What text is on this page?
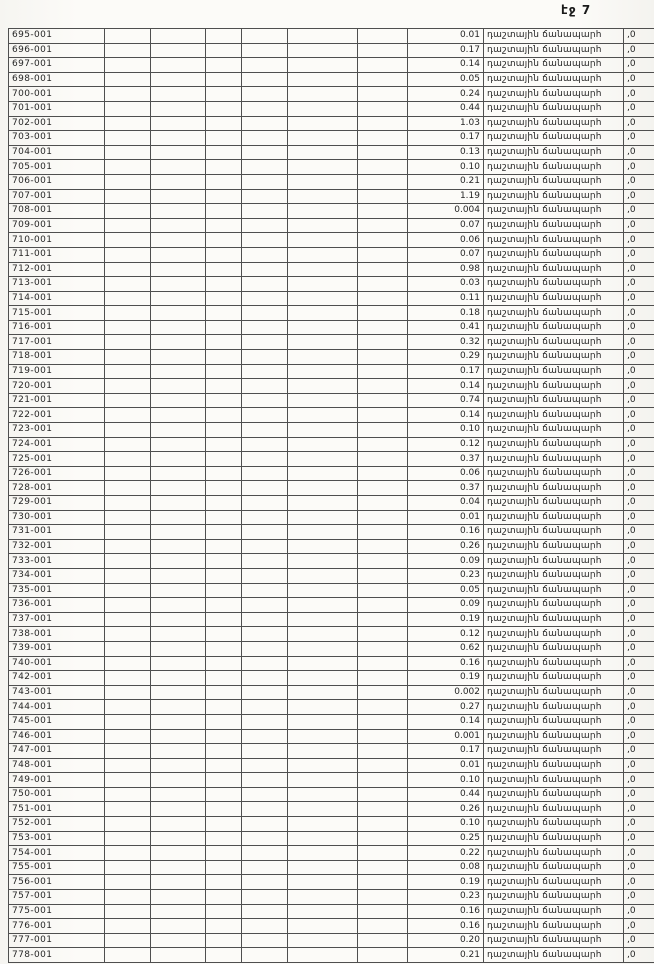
էջ 7
695-001							0.01	դաշտային ճանապարհ	,0
696-001							0.17	դաշտային ճանապարհ	,0
697-001							0.14	դաշտային ճանապարհ	,0
698-001							0.05	դաշտային ճանապարհ	,0
700-001							0.24	դաշտային ճանապարհ	,0
701-001							0.44	դաշտային ճանապարհ	,0
702-001							1.03	դաշտային ճանապարհ	,0
703-001							0.17	դաշտային ճանապարհ	,0
704-001							0.13	դաշտային ճանապարհ	,0
705-001							0.10	դաշտային ճանապարհ	,0
706-001							0.21	դաշտային ճանապարհ	,0
707-001							1.19	դաշտային ճանապարհ	,0
708-001							0.004	դաշտային ճանապարհ	,0
709-001							0.07	դաշտային ճանապարհ	,0
710-001							0.06	դաշտային ճանապարհ	,0
711-001							0.07	դաշտային ճանապարհ	,0
712-001							0.98	դաշտային ճանապարհ	,0
713-001							0.03	դաշտային ճանապարհ	,0
714-001							0.11	դաշտային ճանապարհ	,0
715-001							0.18	դաշտային ճանապարհ	,0
716-001							0.41	դաշտային ճանապարհ	,0
717-001							0.32	դաշտային ճանապարհ	,0
718-001							0.29	դաշտային ճանապարհ	,0
719-001							0.17	դաշտային ճանապարհ	,0
720-001							0.14	դաշտային ճանապարհ	,0
721-001							0.74	դաշտային ճանապարհ	,0
722-001							0.14	դաշտային ճանապարհ	,0
723-001							0.10	դաշտային ճանապարհ	,0
724-001							0.12	դաշտային ճանապարհ	,0
725-001							0.37	դաշտային ճանապարհ	,0
726-001							0.06	դաշտային ճանապարհ	,0
728-001							0.37	դաշտային ճանապարհ	,0
729-001							0.04	դաշտային ճանապարհ	,0
730-001							0.01	դաշտային ճանապարհ	,0
731-001							0.16	դաշտային ճանապարհ	,0
732-001							0.26	դաշտային ճանապարհ	,0
733-001							0.09	դաշտային ճանապարհ	,0
734-001							0.23	դաշտային ճանապարհ	,0
735-001							0.05	դաշտային ճանապարհ	,0
736-001							0.09	դաշտային ճանապարհ	,0
737-001							0.19	դաշտային ճանապարհ	,0
738-001							0.12	դաշտային ճանապարհ	,0
739-001							0.62	դաշտային ճանապարհ	,0
740-001							0.16	դաշտային ճանապարհ	,0
742-001							0.19	դաշտային ճանապարհ	,0
743-001							0.002	դաշտային ճանապարհ	,0
744-001							0.27	դաշտային ճանապարհ	,0
745-001							0.14	դաշտային ճանապարհ	,0
746-001							0.001	դաշտային ճանապարհ	,0
747-001							0.17	դաշտային ճանապարհ	,0
748-001							0.01	դաշտային ճանապարհ	,0
749-001							0.10	դաշտային ճանապարհ	,0
750-001							0.44	դաշտային ճանապարհ	,0
751-001							0.26	դաշտային ճանապարհ	,0
752-001							0.10	դաշտային ճանապարհ	,0
753-001							0.25	դաշտային ճանապարհ	,0
754-001							0.22	դաշտային ճանապարհ	,0
755-001							0.08	դաշտային ճանապարհ	,0
756-001							0.19	դաշտային ճանապարհ	,0
757-001							0.23	դաշտային ճանապարհ	,0
775-001							0.16	դաշտային ճանապարհ	,0
776-001							0.16	դաշտային ճանապարհ	,0
777-001							0.20	դաշտային ճանապարհ	,0
778-001							0.21	դաշտային ճանապարհ	,0
